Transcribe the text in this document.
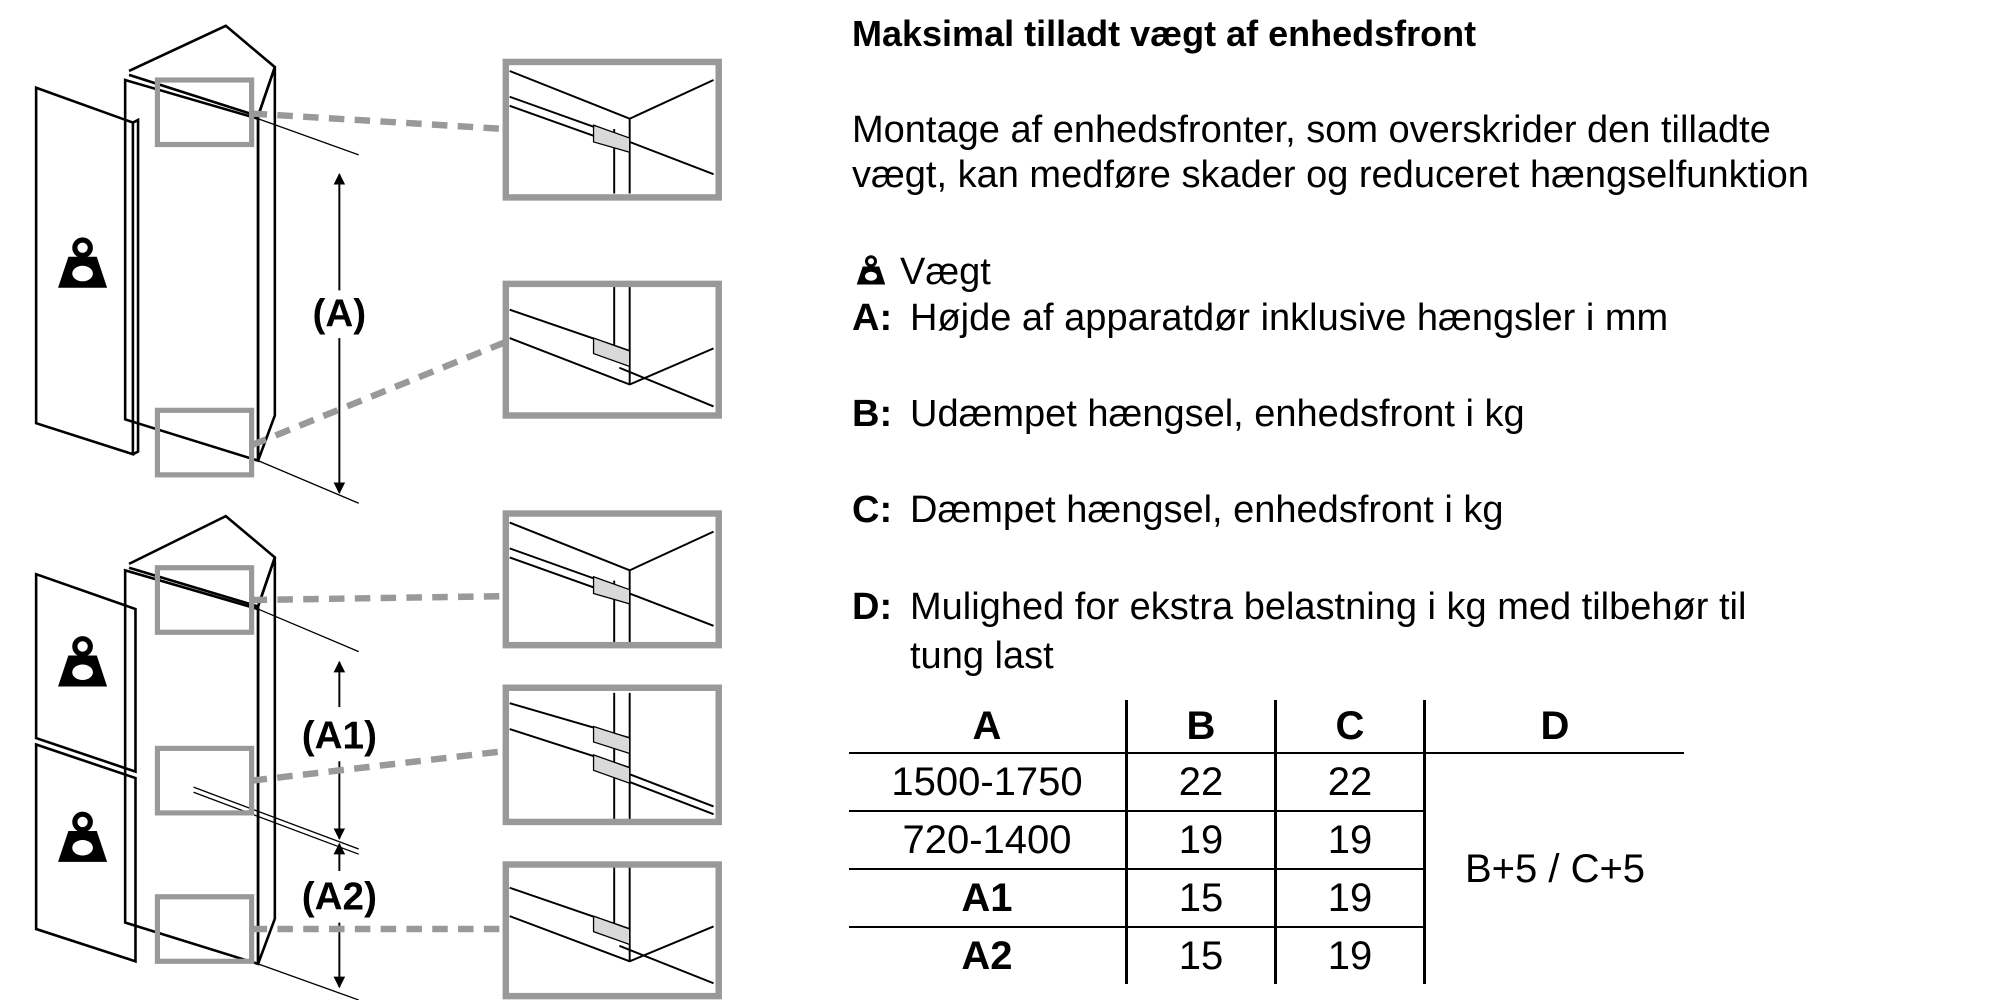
(A)
(A1)
(A2)
Maksimal tilladt vægt af enhedsfront
Montage af enhedsfronter, som overskrider den tilladte
vægt, kan medføre skader og reduceret hængselfunktion
Vægt
A: Højde af apparatdør inklusive hængsler i mm
B: Udæmpet hængsel, enhedsfront i kg
C: Dæmpet hængsel, enhedsfront i kg
D: Mulighed for ekstra belastning i kg med tilbehør til
tung last
A	B	C	D
1500-1750	22	22	B+5 / C+5
720-1400	19	19	
A1	15	19	
A2	15	19	
